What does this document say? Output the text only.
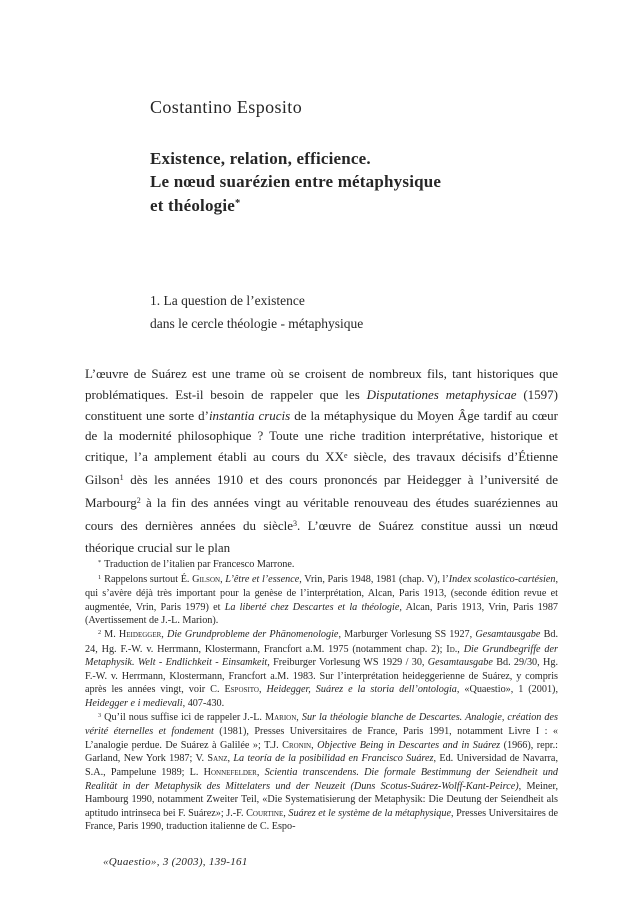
Costantino Esposito
Existence, relation, efficience.
Le nœud suarézien entre métaphysique
et théologie*
1. La question de l’existence
dans le cercle théologie - métaphysique

L’œuvre de Suárez est une trame où se croisent de nombreux fils, tant historiques que problématiques. Est-il besoin de rappeler que les Disputationes metaphysicae (1597) constituent une sorte d’instantia crucis de la métaphysique du Moyen Âge tardif au cœur de la modernité philosophique ? Toute une riche tradition interprétative, historique et critique, l’a amplement établi au cours du XXe siècle, des travaux décisifs d’Étienne Gilson$^1$ dès les années 1910 et des cours prononcés par Heidegger à l’université de Marbourg$^2$ à la fin des années vingt au véritable renouveau des études suaréziennes au cours des dernières années du siècle$^3$. L’œuvre de Suárez constitue aussi un nœud théorique crucial sur le plan

* Traduction de l’italien par Francesco Marrone.
$^1$ Rappelons surtout É. Gilson, L’être et l’essence, Vrin, Paris 1948, 1981 (chap. V), l’Index scolastico-cartésien, qui s’avère déjà très important pour la genèse de l’interprétation, Alcan, Paris 1913, (seconde édition revue et augmentée, Vrin, Paris 1979) et La liberté chez Descartes et la théologie, Alcan, Paris 1913, Vrin, Paris 1987 (Avertissement de J.-L. Marion).
$^2$ M. Heidegger, Die Grundprobleme der Phänomenologie, Marburger Vorlesung SS 1927, Gesamtausgabe Bd. 24, Hg. F.-W. v. Herrmann, Klostermann, Francfort a.M. 1975 (notamment chap. 2); Id., Die Grundbegriffe der Metaphysik. Welt - Endlichkeit - Einsamkeit, Freiburger Vorlesung WS 1929 / 30, Gesamtausgabe Bd. 29/30, Hg. F.-W. v. Herrmann, Klostermann, Francfort a.M. 1983. Sur l’interprétation heideggerienne de Suárez, y compris après les années vingt, voir C. Esposito, Heidegger, Suárez e la storia dell’ontologia, «Quaestio», 1 (2001), Heidegger e i medievali, 407-430.
$^3$ Qu’il nous suffise ici de rappeler J.-L. Marion, Sur la théologie blanche de Descartes. Analogie, création des vérité éternelles et fondement (1981), Presses Universitaires de France, Paris 1991, notamment Livre I : « L’analogie perdue. De Suárez à Galilée »; T.J. Cronin, Objective Being in Descartes and in Suárez (1966), repr.: Garland, New York 1987; V. Sanz, La teoría de la posibilidad en Francisco Suárez, Ed. Universidad de Navarra, S.A., Pampelune 1989; L. Honnefelder, Scientia transcendens. Die formale Bestimmung der Seiendheit und Realität in der Metaphysik des Mittelaters und der Neuzeit (Duns Scotus-Suárez-Wolff-Kant-Peirce), Meiner, Hambourg 1990, notamment Zweiter Teil, «Die Systematisierung der Metaphysik: Die Deutung der Seiendheit als aptitudo intrinseca bei F. Suárez»; J.-F. Courtine, Suárez et le système de la métaphysique, Presses Universitaires de France, Paris 1990, traduction italienne de C. Espo-
«Quaestio», 3 (2003), 139-161
